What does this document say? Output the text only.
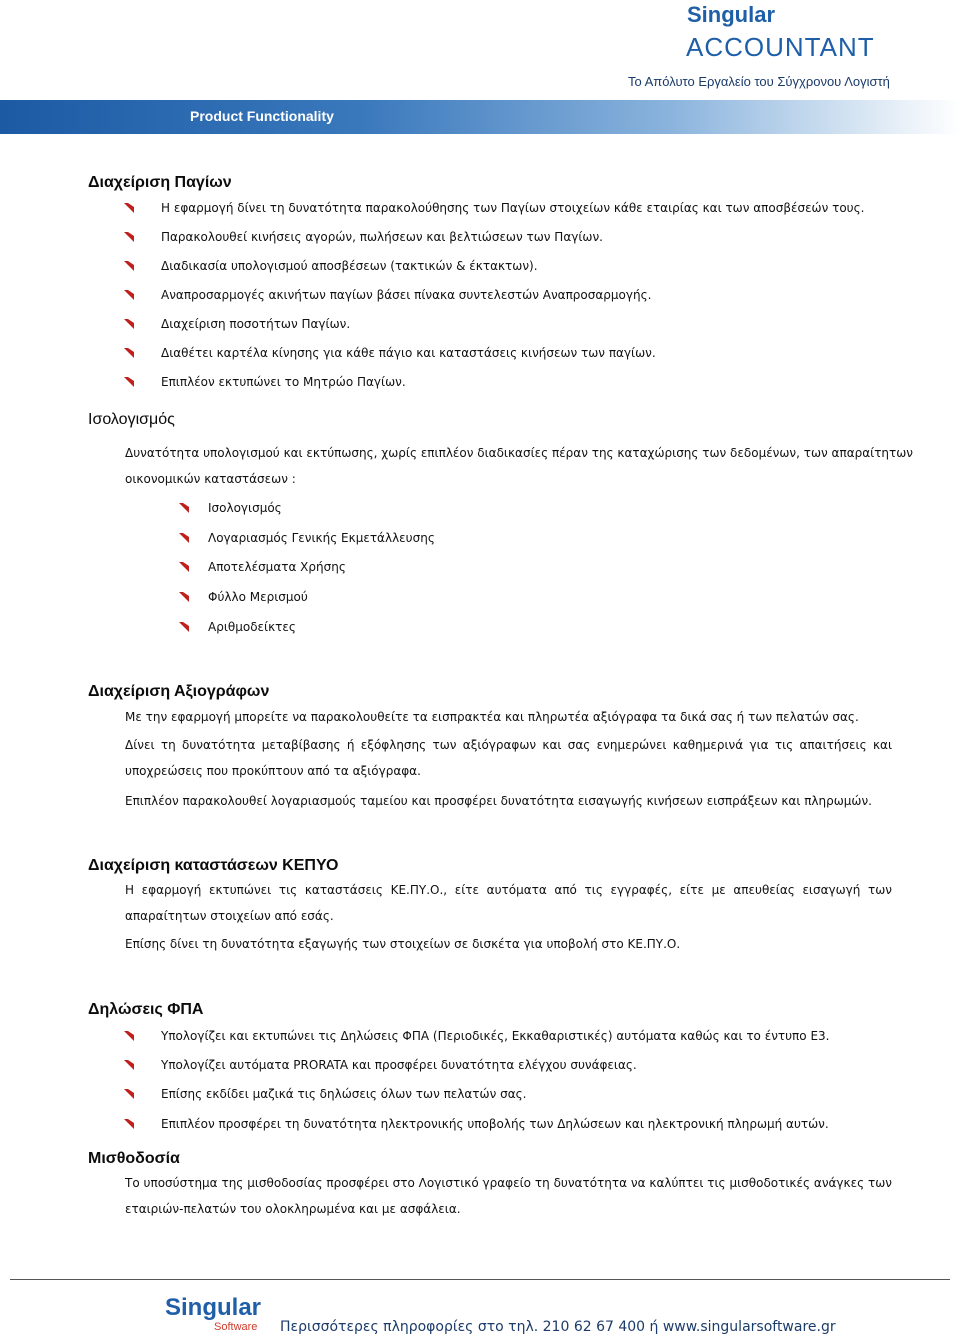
Singular
ACCOUNTANT
Το Απόλυτο Εργαλείο του Σύγχρονου Λογιστή
Product Functionality
Διαχείριση Παγίων
Η εφαρμογή δίνει τη δυνατότητα παρακολούθησης των Παγίων στοιχείων κάθε εταιρίας και των αποσβέσεών τους.
Παρακολουθεί κινήσεις αγορών, πωλήσεων και βελτιώσεων των Παγίων.
Διαδικασία υπολογισμού αποσβέσεων (τακτικών & έκτακτων).
Αναπροσαρμογές ακινήτων παγίων βάσει πίνακα συντελεστών Αναπροσαρμογής.
Διαχείριση ποσοτήτων Παγίων.
Διαθέτει καρτέλα κίνησης για κάθε πάγιο και καταστάσεις κινήσεων των παγίων.
Επιπλέον εκτυπώνει το Μητρώο Παγίων.
Ισολογισμός
Δυνατότητα υπολογισμού και εκτύπωσης, χωρίς επιπλέον διαδικασίες πέραν της καταχώρισης των δεδομένων, των απαραίτητων
οικονομικών καταστάσεων :
Ισολογισμός
Λογαριασμός Γενικής Εκμετάλλευσης
Αποτελέσματα Χρήσης
Φύλλο Μερισμού
Αριθμοδείκτες
Διαχείριση Αξιογράφων
Με την εφαρμογή μπορείτε να παρακολουθείτε τα εισπρακτέα και πληρωτέα αξιόγραφα τα δικά σας ή των πελατών σας.
Δίνει τη δυνατότητα μεταβίβασης ή εξόφλησης των αξιόγραφων και σας ενημερώνει καθημερινά για τις απαιτήσεις και υποχρεώσεις που προκύπτουν από τα αξιόγραφα.
Επιπλέον παρακολουθεί λογαριασμούς ταμείου και προσφέρει δυνατότητα εισαγωγής κινήσεων εισπράξεων και πληρωμών.
Διαχείριση καταστάσεων ΚΕΠΥΟ
Η εφαρμογή εκτυπώνει τις καταστάσεις ΚΕ.ΠΥ.Ο., είτε αυτόματα από τις εγγραφές, είτε με απευθείας εισαγωγή των απαραίτητων στοιχείων από εσάς.
Επίσης δίνει τη δυνατότητα εξαγωγής των στοιχείων σε δισκέτα για υποβολή στο ΚΕ.ΠΥ.Ο.
Δηλώσεις ΦΠΑ
Υπολογίζει και εκτυπώνει τις Δηλώσεις ΦΠΑ (Περιοδικές, Εκκαθαριστικές) αυτόματα καθώς και το έντυπο Ε3.
Υπολογίζει αυτόματα PRORATA και προσφέρει δυνατότητα ελέγχου συνάφειας.
Επίσης εκδίδει μαζικά τις δηλώσεις όλων των πελατών σας.
Επιπλέον προσφέρει τη δυνατότητα ηλεκτρονικής υποβολής των Δηλώσεων και ηλεκτρονική πληρωμή αυτών.
Μισθοδοσία
Το υποσύστημα της μισθοδοσίας προσφέρει στο Λογιστικό γραφείο τη δυνατότητα να καλύπτει τις μισθοδοτικές ανάγκες των εταιριών-πελατών του ολοκληρωμένα και με ασφάλεια.
Singular
Software Περισσότερες πληροφορίες στο τηλ. 210 62 67 400 ή www.singularsoftware.gr
